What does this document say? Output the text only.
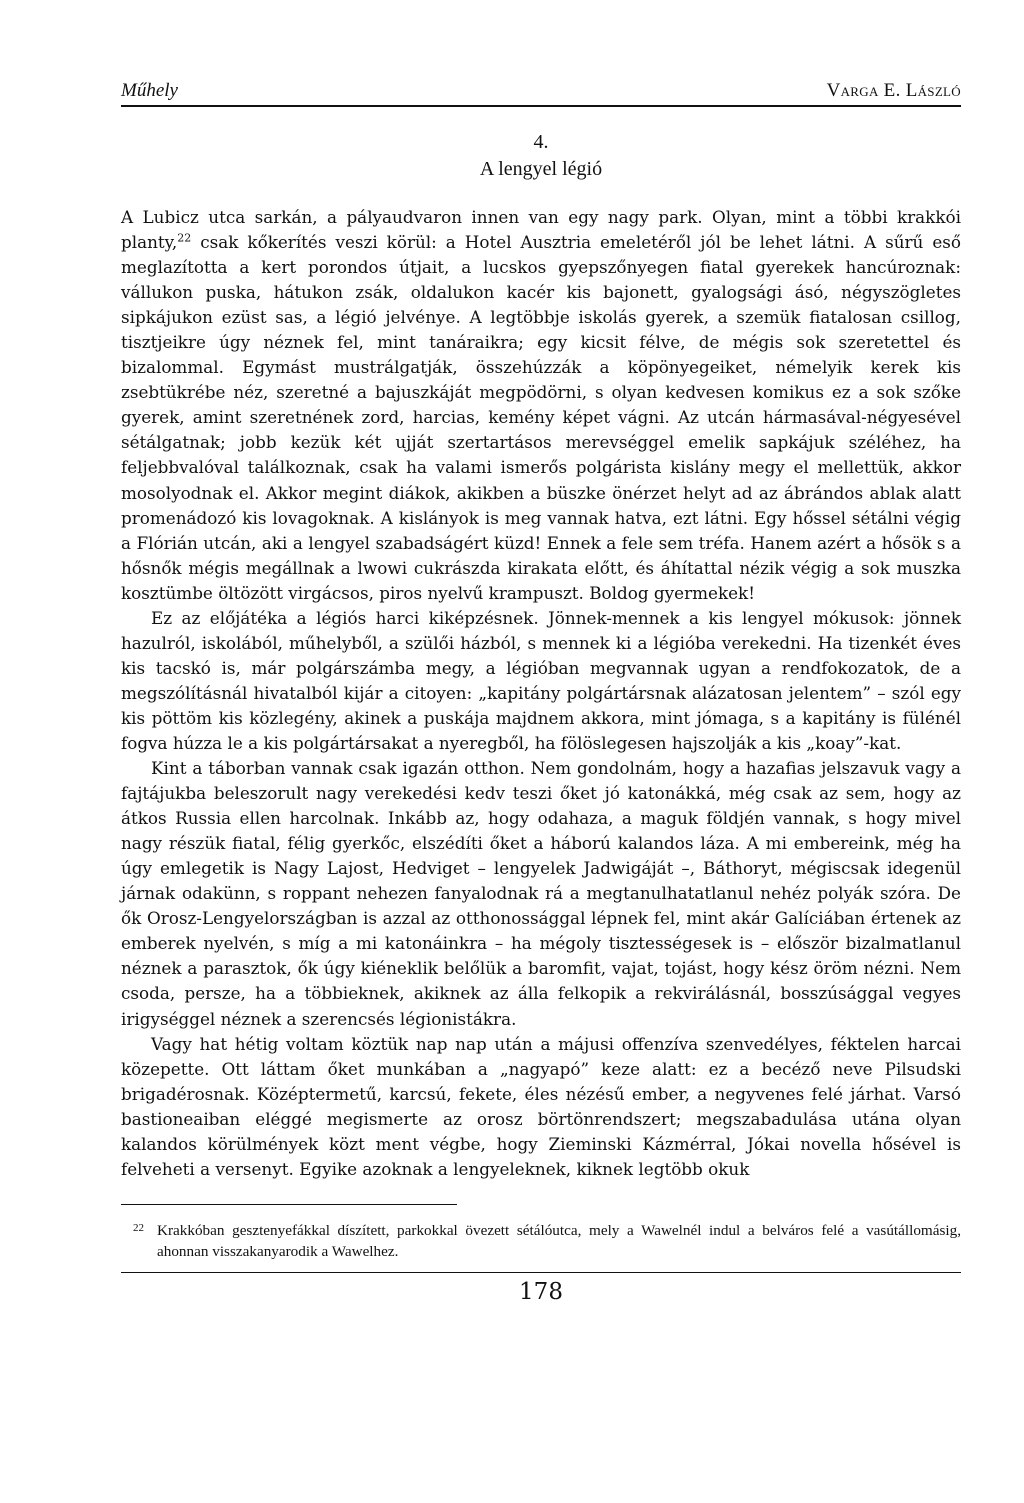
Műhely	Varga E. László
4.
A lengyel légió

A Lubicz utca sarkán, a pályaudvaron innen van egy nagy park. Olyan, mint a többi krakkói planty,$^{22}$ csak kőkerítés veszi körül: a Hotel Ausztria emeletéről jól be lehet látni. A sűrű eső meglazította a kert porondos útjait, a lucskos gyepszőnyegen fiatal gyerekek hancúroznak: vállukon puska, hátukon zsák, oldalukon kacér kis bajonett, gyalogsági ásó, négyszögletes sipkájukon ezüst sas, a légió jelvénye. A legtöbbje iskolás gyerek, a szemük fiatalosan csillog, tisztjeikre úgy néznek fel, mint tanáraikra; egy kicsit félve, de mégis sok szeretettel és bizalommal. Egymást mustrálgatják, összehúzzák a köpönyegeiket, némelyik kerek kis zsebtükrébe néz, szeretné a bajuszkáját megpödörni, s olyan kedvesen komikus ez a sok szőke gyerek, amint szeretnének zord, harcias, kemény képet vágni. Az utcán hármasával-négyesével sétálgatnak; jobb kezük két ujját szertartásos merevséggel emelik sapkájuk széléhez, ha feljebbvalóval találkoznak, csak ha valami ismerős polgárista kislány megy el mellettük, akkor mosolyodnak el. Akkor megint diákok, akikben a büszke önérzet helyt ad az ábrándos ablak alatt promenádozó kis lovagoknak. A kislányok is meg vannak hatva, ezt látni. Egy hőssel sétálni végig a Flórián utcán, aki a lengyel szabadságért küzd! Ennek a fele sem tréfa. Hanem azért a hősök s a hősnők mégis megállnak a lwowi cukrászda kirakata előtt, és áhítattal nézik végig a sok muszka kosztümbe öltözött virgácsos, piros nyelvű krampuszt. Boldog gyermekek!

Ez az előjátéka a légiós harci kiképzésnek. Jönnek-mennek a kis lengyel mókusok: jönnek hazulról, iskolából, műhelyből, a szülői házból, s mennek ki a légióba verekedni. Ha tizenkét éves kis tacskó is, már polgárszámba megy, a légióban megvannak ugyan a rendfokozatok, de a megszólításnál hivatalból kijár a citoyen: „kapitány polgártársnak alázatosan jelentem” – szól egy kis pöttöm kis közlegény, akinek a puskája majdnem akkora, mint jómaga, s a kapitány is fülénél fogva húzza le a kis polgártársakat a nyeregből, ha fölöslegesen hajszolják a kis „koay”-kat.

Kint a táborban vannak csak igazán otthon. Nem gondolnám, hogy a hazafias jelszavuk vagy a fajtájukba beleszorult nagy verekedési kedv teszi őket jó katonákká, még csak az sem, hogy az átkos Russia ellen harcolnak. Inkább az, hogy odahaza, a maguk földjén vannak, s hogy mivel nagy részük fiatal, félig gyerkőc, elszédíti őket a háború kalandos láza. A mi embereink, még ha úgy emlegetik is Nagy Lajost, Hedviget – lengyelek Jadwigáját –, Báthoryt, mégiscsak idegenül járnak odakünn, s roppant nehezen fanyalodnak rá a megtanulhatatlanul nehéz polyák szóra. De ők Orosz-Lengyelországban is azzal az otthonossággal lépnek fel, mint akár Galíciában értenek az emberek nyelvén, s míg a mi katonáinkra – ha mégoly tisztességesek is – először bizalmatlanul néznek a parasztok, ők úgy kiéneklik belőlük a baromfit, vajat, tojást, hogy kész öröm nézni. Nem csoda, persze, ha a többieknek, akiknek az álla felkopik a rekvirálásnál, bosszúsággal vegyes irigységgel néznek a szerencsés légionistákra.

Vagy hat hétig voltam köztük nap nap után a májusi offenzíva szenvedélyes, féktelen harcai közepette. Ott láttam őket munkában a „nagyapó” keze alatt: ez a becéző neve Pilsudski brigadérosnak. Középtermetű, karcsú, fekete, éles nézésű ember, a negyvenes felé járhat. Varsó bastioneaiban eléggé megismerte az orosz börtönrendszert; megszabadulása utána olyan kalandos körülmények közt ment végbe, hogy Zieminski Kázmérral, Jókai novella hősével is felveheti a versenyt. Egyike azoknak a lengyeleknek, kiknek legtöbb okuk

22 Krakkóban gesztenyefákkal díszített, parkokkal övezett sétálóutca, mely a Wawelnél indul a belváros felé a vasútállomásig, ahonnan visszakanyarodik a Wawelhez.
178
